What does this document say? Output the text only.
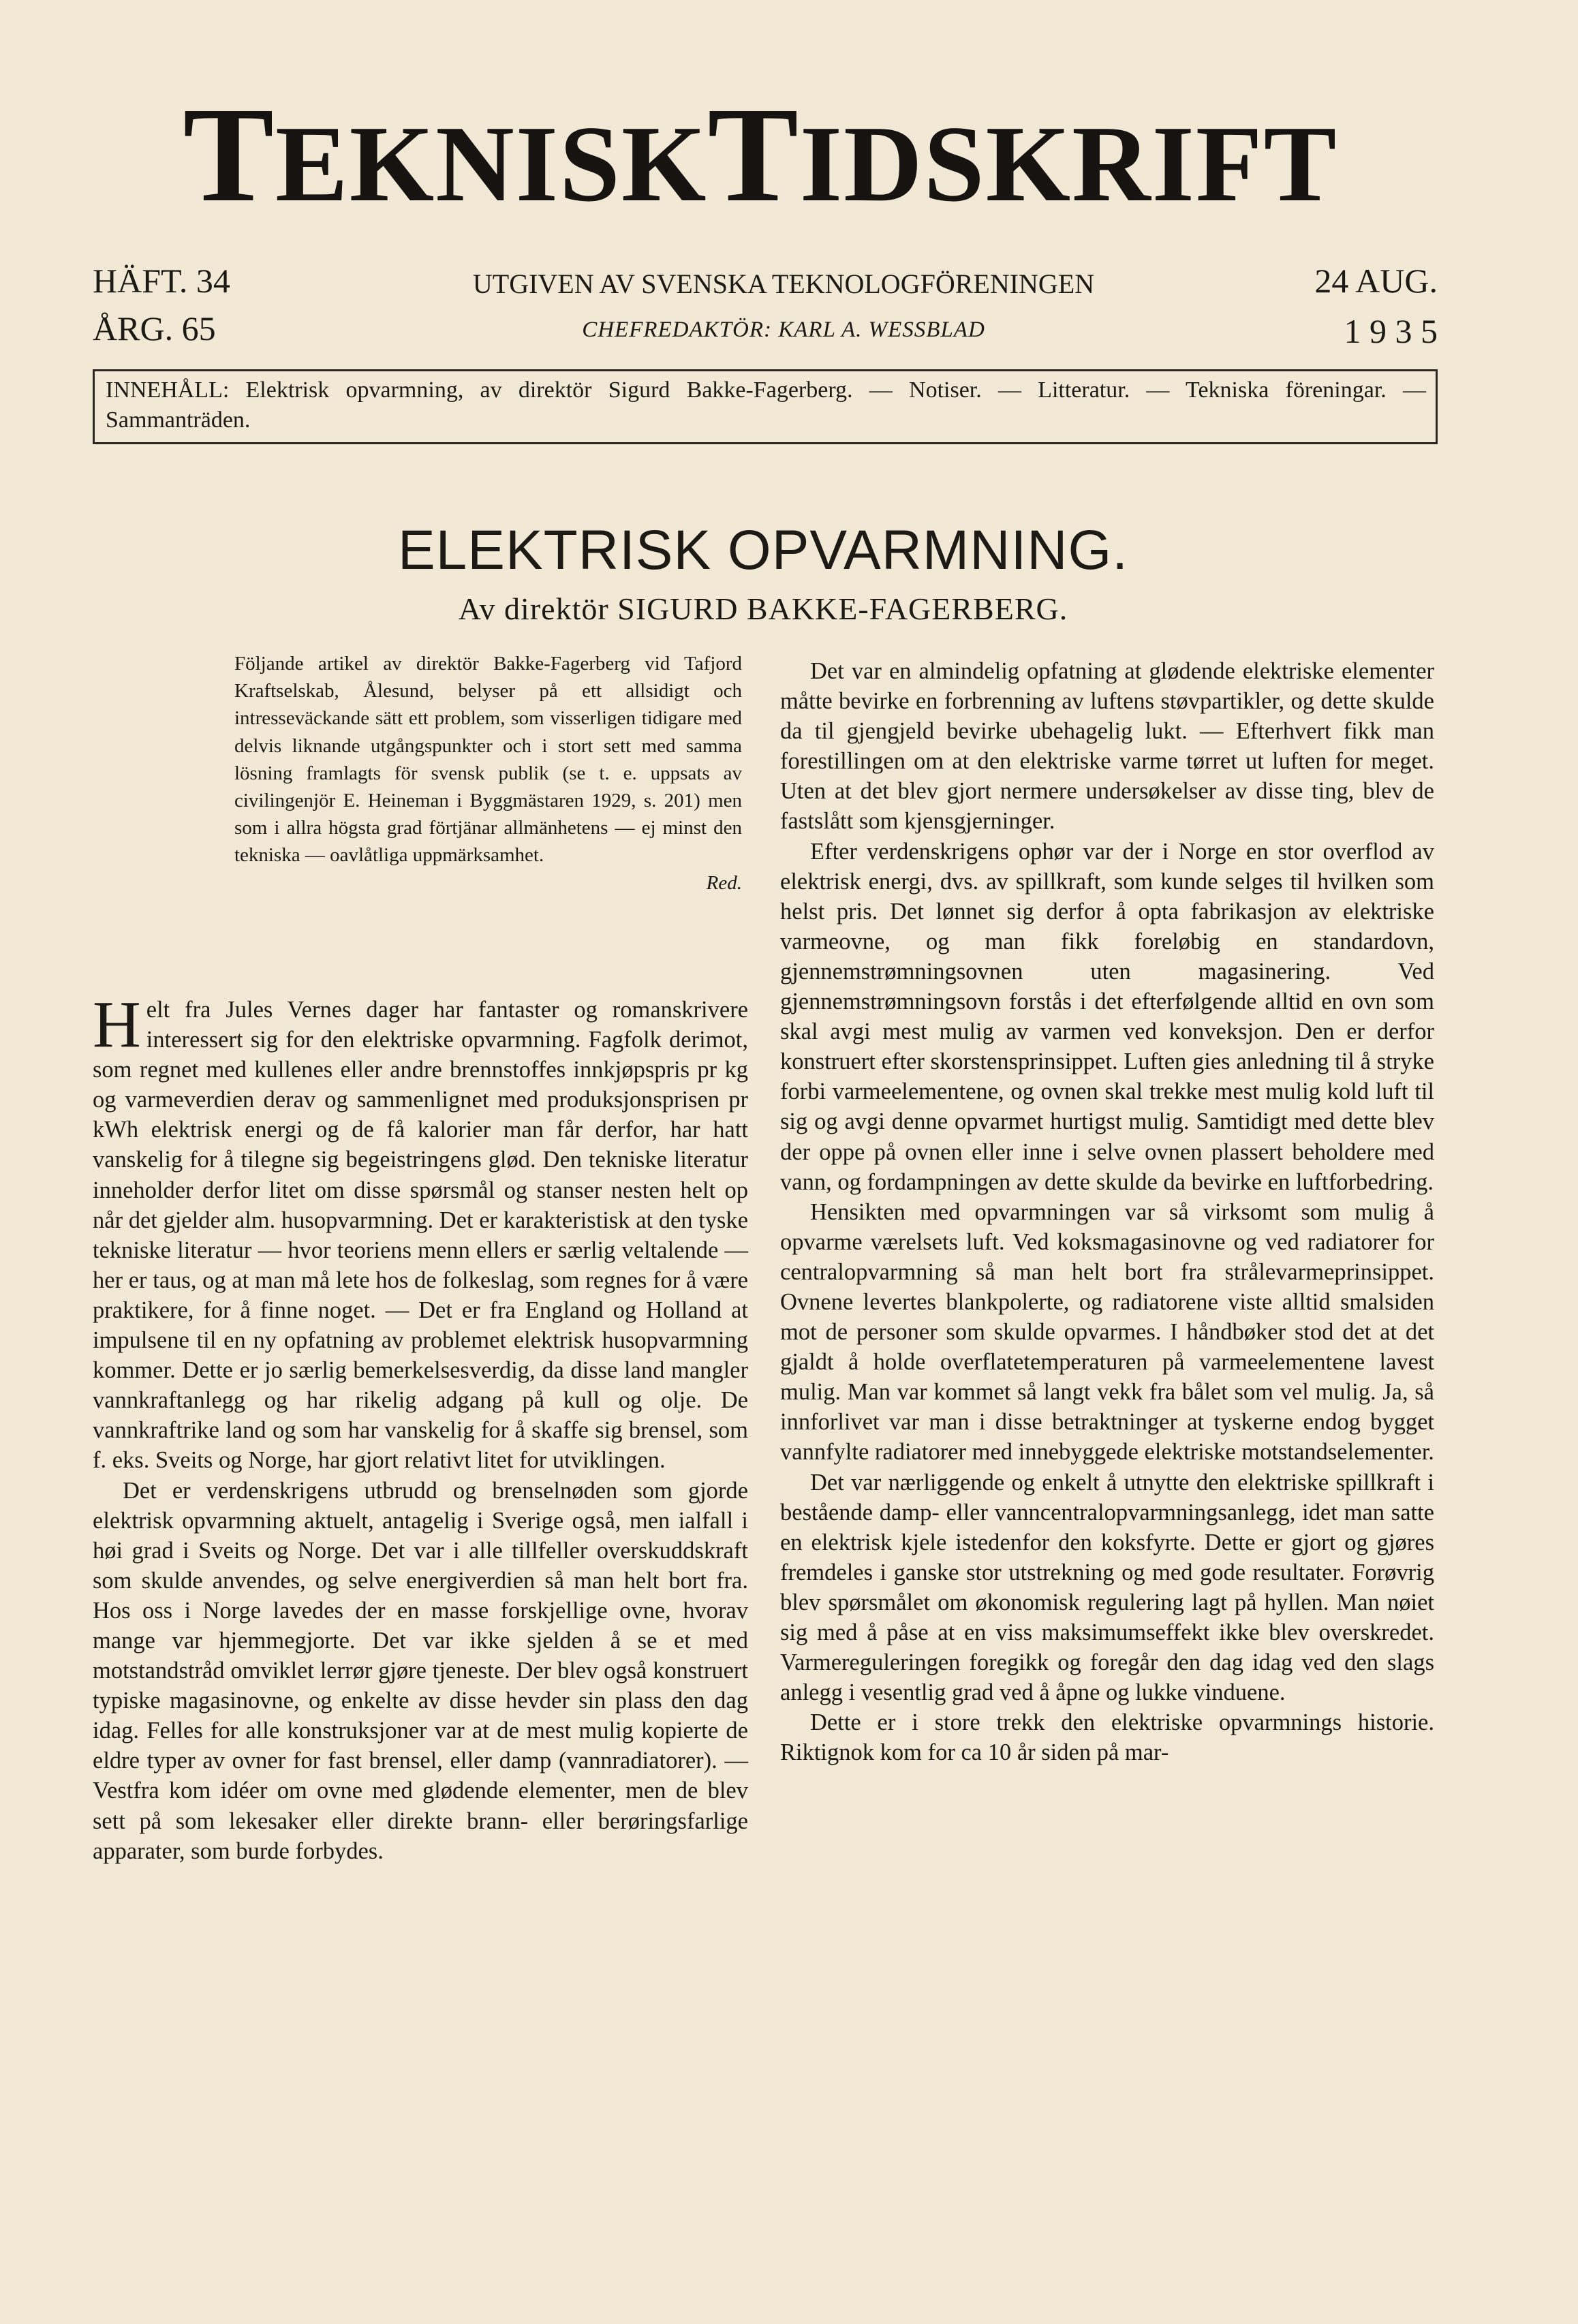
TEKNISKTIDSKRIFT
HÄFT. 34	UTGIVEN AV SVENSKA TEKNOLOGFÖRENINGEN	24 AUG.
ÅRG. 65	CHEFREDAKTÖR: KARL A. WESSBLAD	1 9 3 5
INNEHÅLL: Elektrisk opvarmning, av direktör Sigurd Bakke-Fagerberg. — Notiser. — Litteratur. — Tekniska föreningar. — Sammanträden.
ELEKTRISK OPVARMNING.
Av direktör SIGURD BAKKE-FAGERBERG.

Följande artikel av direktör Bakke-Fagerberg vid Tafjord Kraftselskab, Ålesund, belyser på ett allsidigt och intresseväckande sätt ett problem, som visserligen tidigare med delvis liknande utgångspunkter och i stort sett med samma lösning framlagts för svensk publik (se t. e. uppsats av civilingenjör E. Heineman i Byggmästaren 1929, s. 201) men som i allra högsta grad förtjänar allmänhetens — ej minst den tekniska — oavlåtliga uppmärksamhet.

Red.

Helt fra Jules Vernes dager har fantaster og romanskrivere interessert sig for den elektriske opvarmning. Fagfolk derimot, som regnet med kullenes eller andre brennstoffes innkjøpspris pr kg og varmeverdien derav og sammenlignet med produksjonsprisen pr kWh elektrisk energi og de få kalorier man får derfor, har hatt vanskelig for å tilegne sig begeistringens glød. Den tekniske literatur inneholder derfor litet om disse spørsmål og stanser nesten helt op når det gjelder alm. husopvarmning. Det er karakteristisk at den tyske tekniske literatur — hvor teoriens menn ellers er særlig veltalende — her er taus, og at man må lete hos de folkeslag, som regnes for å være praktikere, for å finne noget. — Det er fra England og Holland at impulsene til en ny opfatning av problemet elektrisk husopvarmning kommer. Dette er jo særlig bemerkelsesverdig, da disse land mangler vannkraftanlegg og har rikelig adgang på kull og olje. De vannkraftrike land og som har vanskelig for å skaffe sig brensel, som f. eks. Sveits og Norge, har gjort relativt litet for utviklingen.

Det er verdenskrigens utbrudd og brenselnøden som gjorde elektrisk opvarmning aktuelt, antagelig i Sverige også, men ialfall i høi grad i Sveits og Norge. Det var i alle tillfeller overskuddskraft som skulde anvendes, og selve energiverdien så man helt bort fra. Hos oss i Norge lavedes der en masse forskjellige ovne, hvorav mange var hjemmegjorte. Det var ikke sjelden å se et med motstandstråd omviklet lerrør gjøre tjeneste. Der blev også konstruert typiske magasinovne, og enkelte av disse hevder sin plass den dag idag. Felles for alle konstruksjoner var at de mest mulig kopierte de eldre typer av ovner for fast brensel, eller damp (vannradiatorer). — Vestfra kom idéer om ovne med glødende elementer, men de blev sett på som lekesaker eller direkte brann- eller berøringsfarlige apparater, som burde forbydes.

Det var en almindelig opfatning at glødende elektriske elementer måtte bevirke en forbrenning av luftens støvpartikler, og dette skulde da til gjengjeld bevirke ubehagelig lukt. — Efterhvert fikk man forestillingen om at den elektriske varme tørret ut luften for meget. Uten at det blev gjort nermere undersøkelser av disse ting, blev de fastslått som kjensgjerninger.

Efter verdenskrigens ophør var der i Norge en stor overflod av elektrisk energi, dvs. av spillkraft, som kunde selges til hvilken som helst pris. Det lønnet sig derfor å opta fabrikasjon av elektriske varmeovne, og man fikk foreløbig en standardovn, gjennemstrømningsovnen uten magasinering. Ved gjennemstrømningsovn forstås i det efterfølgende alltid en ovn som skal avgi mest mulig av varmen ved konveksjon. Den er derfor konstruert efter skorstensprinsippet. Luften gies anledning til å stryke forbi varmeelementene, og ovnen skal trekke mest mulig kold luft til sig og avgi denne opvarmet hurtigst mulig. Samtidigt med dette blev der oppe på ovnen eller inne i selve ovnen plassert beholdere med vann, og fordampningen av dette skulde da bevirke en luftforbedring.

Hensikten med opvarmningen var så virksomt som mulig å opvarme værelsets luft. Ved koksmagasinovne og ved radiatorer for centralopvarmning så man helt bort fra strålevarmeprinsippet. Ovnene levertes blankpolerte, og radiatorene viste alltid smalsiden mot de personer som skulde opvarmes. I håndbøker stod det at det gjaldt å holde overflatetemperaturen på varmeelementene lavest mulig. Man var kommet så langt vekk fra bålet som vel mulig. Ja, så innforlivet var man i disse betraktninger at tyskerne endog bygget vannfylte radiatorer med innebyggede elektriske motstandselementer.

Det var nærliggende og enkelt å utnytte den elektriske spillkraft i bestående damp- eller vanncentralopvarmningsanlegg, idet man satte en elektrisk kjele istedenfor den koksfyrte. Dette er gjort og gjøres fremdeles i ganske stor utstrekning og med gode resultater. Forøvrig blev spørsmålet om økonomisk regulering lagt på hyllen. Man nøiet sig med å påse at en viss maksimumseffekt ikke blev overskredet. Varmereguleringen foregikk og foregår den dag idag ved den slags anlegg i vesentlig grad ved å åpne og lukke vinduene.

Dette er i store trekk den elektriske opvarmnings historie. Riktignok kom for ca 10 år siden på mar-
